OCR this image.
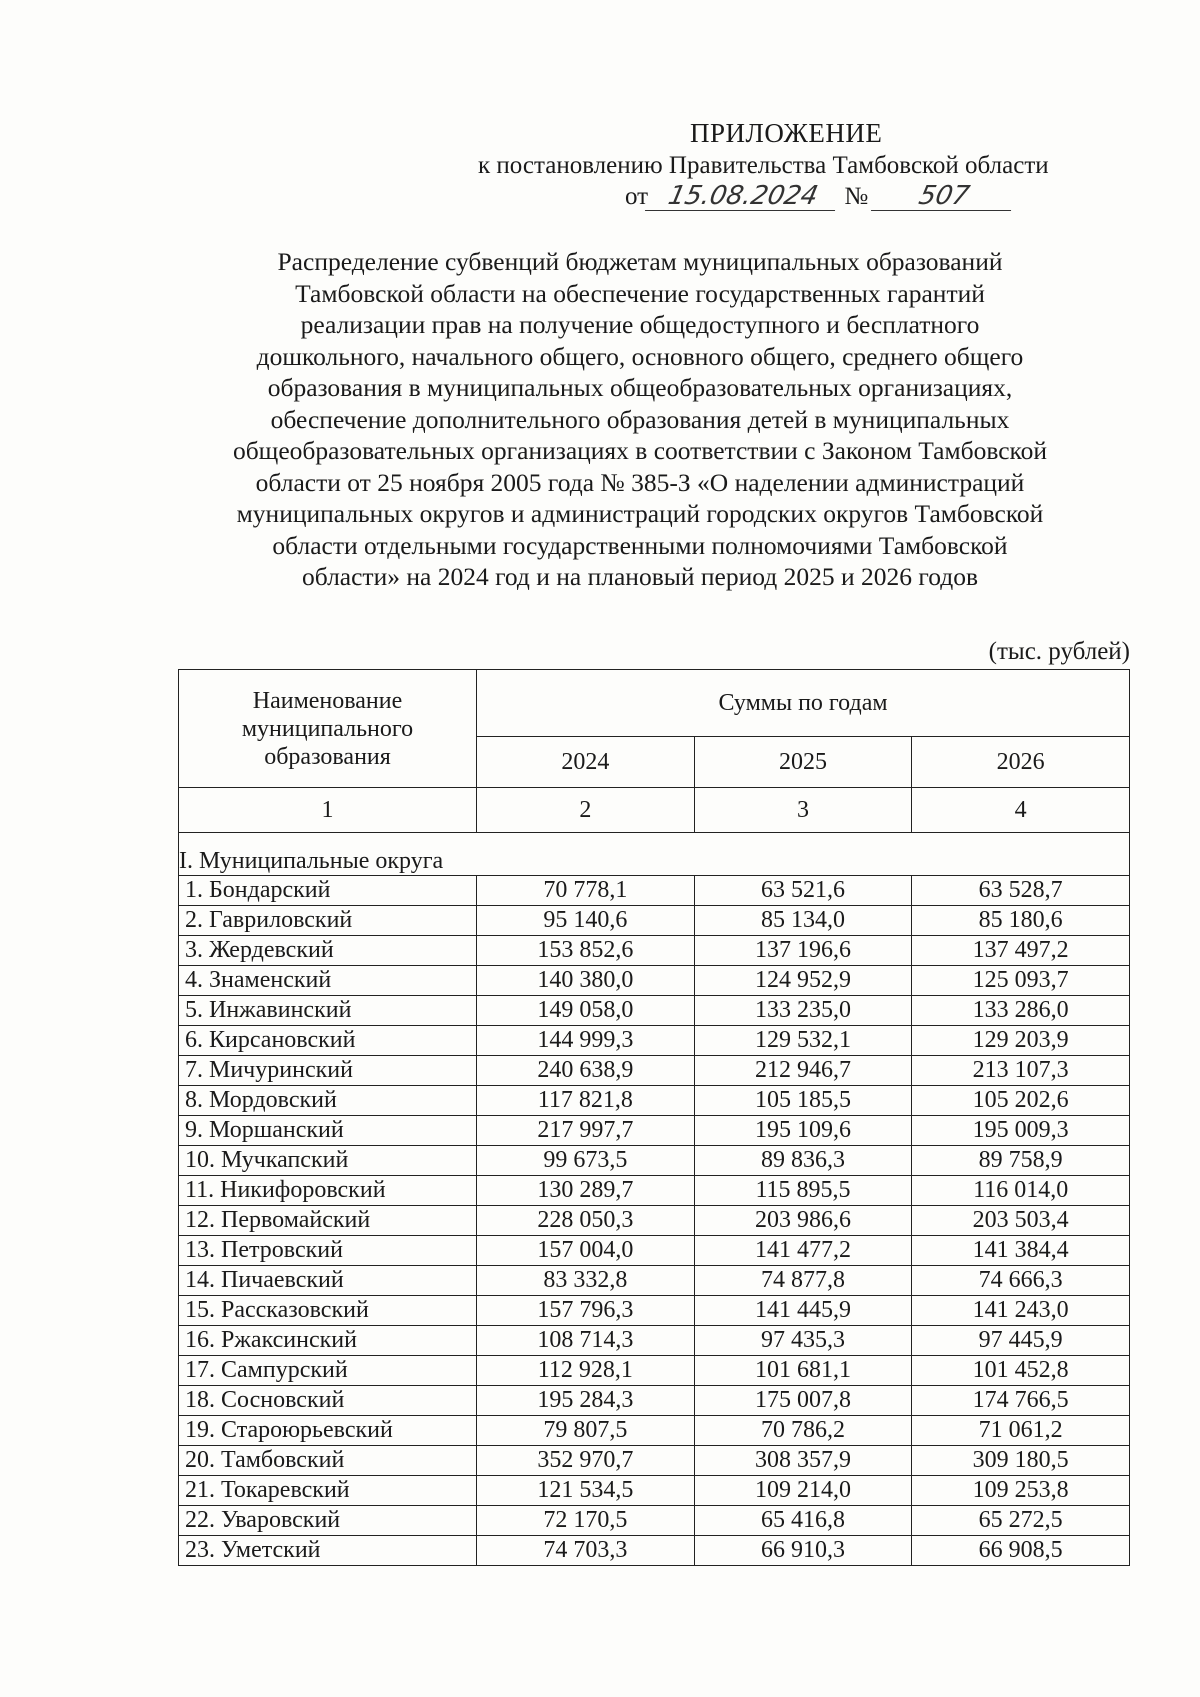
ПРИЛОЖЕНИЕ
к постановлению Правительства Тамбовской области
от 15.08.2024 № 507
Распределение субвенций бюджетам муниципальных образований
Тамбовской области на обеспечение государственных гарантий
реализации прав на получение общедоступного и бесплатного
дошкольного, начального общего, основного общего, среднего общего
образования в муниципальных общеобразовательных организациях,
обеспечение дополнительного образования детей в муниципальных
общеобразовательных организациях в соответствии с Законом Тамбовской
области от 25 ноября 2005 года № 385-З «О наделении администраций
муниципальных округов и администраций городских округов Тамбовской
области отдельными государственными полномочиями Тамбовской
области» на 2024 год и на плановый период 2025 и 2026 годов
(тыс. рублей)
Наименование муниципального образования	Суммы по годам		
	2024	2025	2026
1	2	3	4
I. Муниципальные округа			
1. Бондарский	70 778,1	63 521,6	63 528,7
2. Гавриловский	95 140,6	85 134,0	85 180,6
3. Жердевский	153 852,6	137 196,6	137 497,2
4. Знаменский	140 380,0	124 952,9	125 093,7
5. Инжавинский	149 058,0	133 235,0	133 286,0
6. Кирсановский	144 999,3	129 532,1	129 203,9
7. Мичуринский	240 638,9	212 946,7	213 107,3
8. Мордовский	117 821,8	105 185,5	105 202,6
9. Моршанский	217 997,7	195 109,6	195 009,3
10. Мучкапский	99 673,5	89 836,3	89 758,9
11. Никифоровский	130 289,7	115 895,5	116 014,0
12. Первомайский	228 050,3	203 986,6	203 503,4
13. Петровский	157 004,0	141 477,2	141 384,4
14. Пичаевский	83 332,8	74 877,8	74 666,3
15. Рассказовский	157 796,3	141 445,9	141 243,0
16. Ржаксинский	108 714,3	97 435,3	97 445,9
17. Сампурский	112 928,1	101 681,1	101 452,8
18. Сосновский	195 284,3	175 007,8	174 766,5
19. Староюрьевский	79 807,5	70 786,2	71 061,2
20. Тамбовский	352 970,7	308 357,9	309 180,5
21. Токаревский	121 534,5	109 214,0	109 253,8
22. Уваровский	72 170,5	65 416,8	65 272,5
23. Уметский	74 703,3	66 910,3	66 908,5
